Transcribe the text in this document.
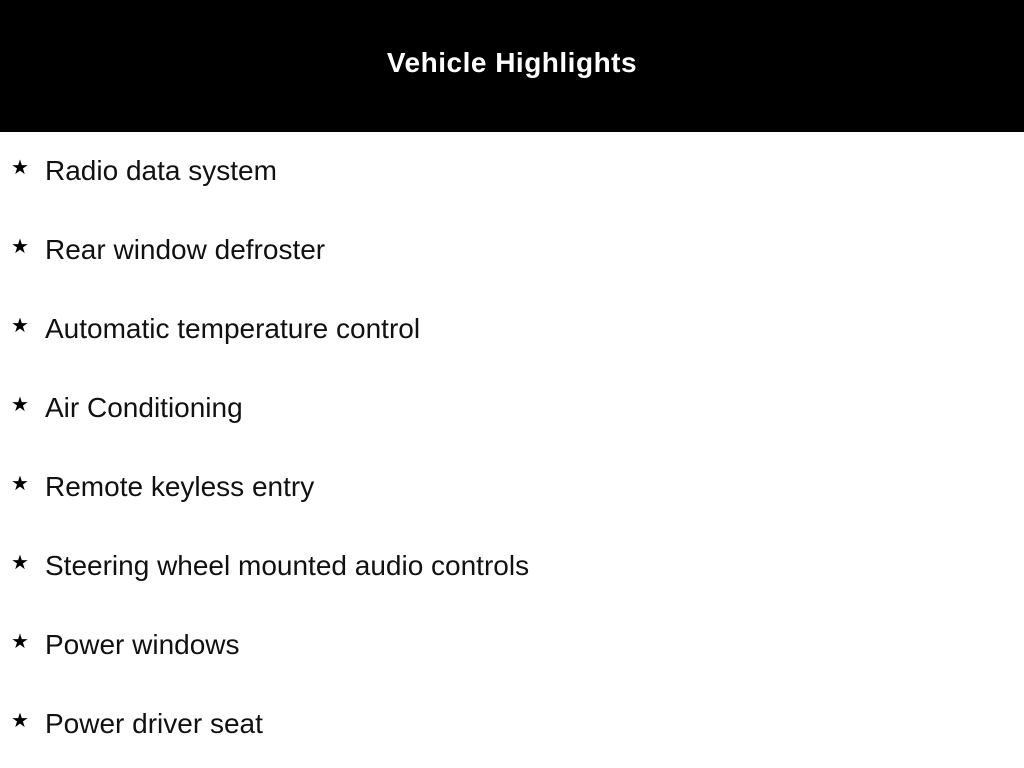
Vehicle Highlights
★ Radio data system
★ Rear window defroster
★ Automatic temperature control
★ Air Conditioning
★ Remote keyless entry
★ Steering wheel mounted audio controls
★ Power windows
★ Power driver seat
